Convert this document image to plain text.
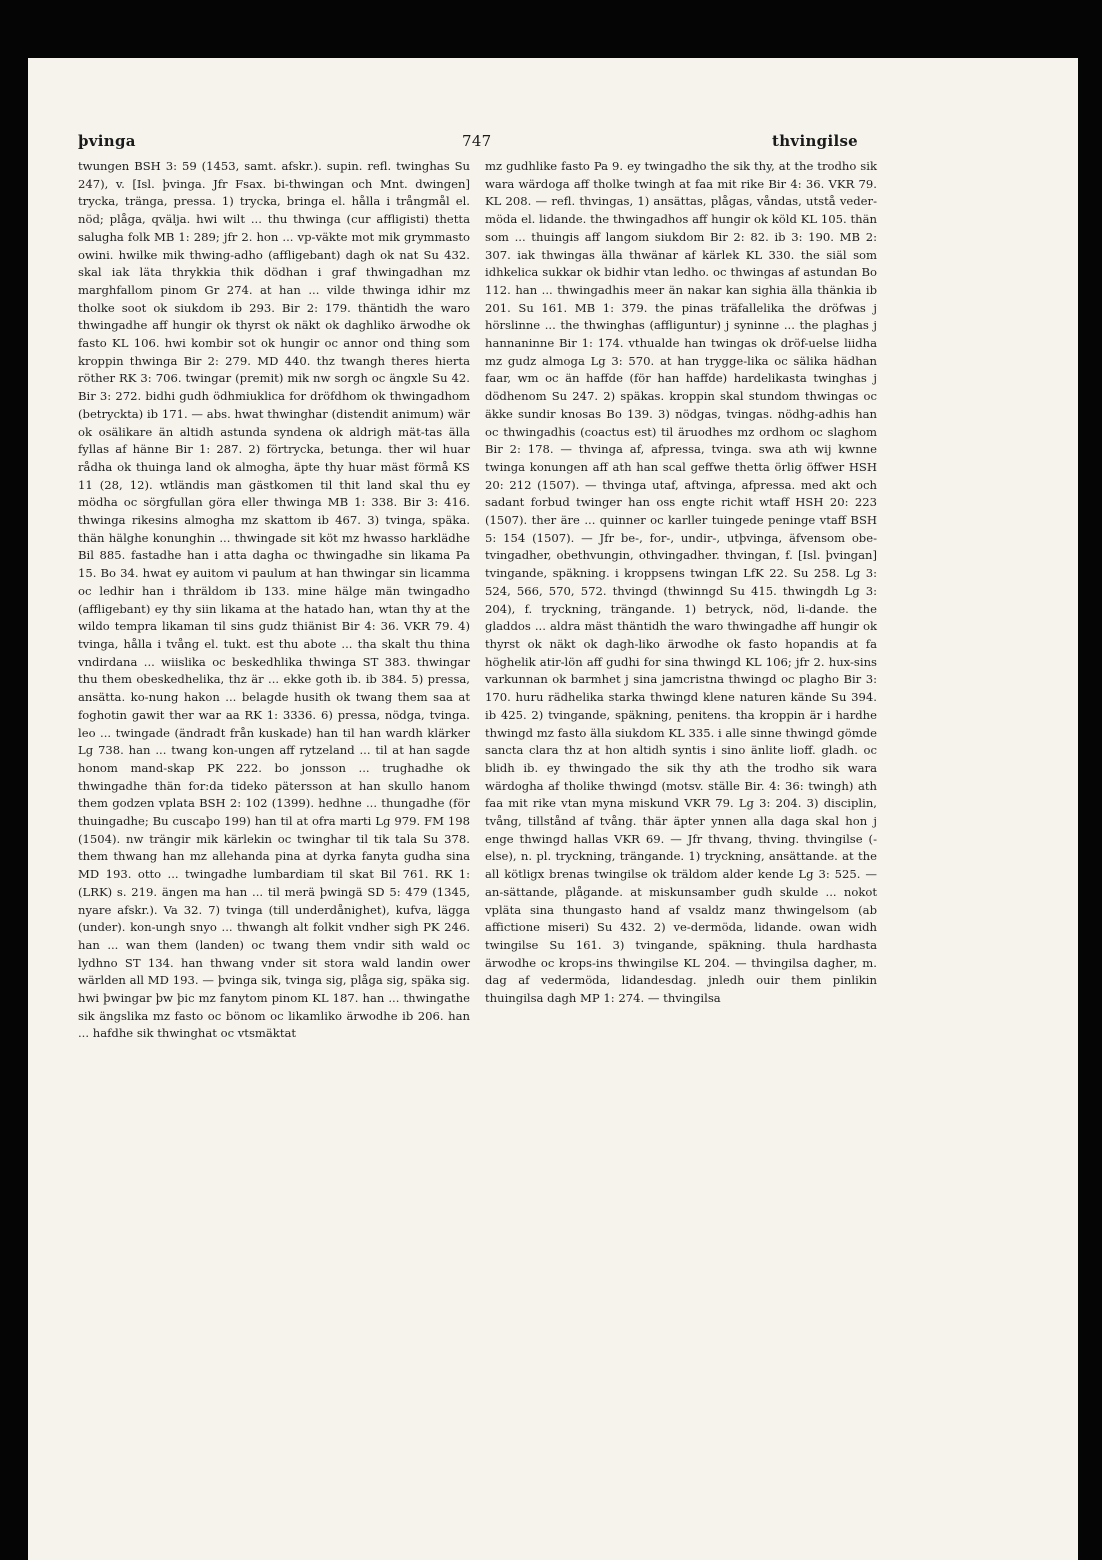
þvinga	747	thvingilse

twungen BSH 3: 59 (1453, samt. afskr.). supin. refl. twinghas Su 247), v. [Isl. þvinga. Jfr Fsax. bi-thwingan och Mnt. dwingen] trycka, tränga, pressa. 1) trycka, bringa el. hålla i trångmål el. nöd; plåga, qvälja. hwi wilt ... thu thwinga (cur affligisti) thetta salugha folk MB 1: 289; jfr 2. hon ... vp-väkte mot mik grymmasto owini. hwilke mik thwing-adho (affligebant) dagh ok nat Su 432. skal iak läta thrykkia thik dödhan i graf thwingadhan mz marghfallom pinom Gr 274. at han ... vilde thwinga idhir mz tholke soot ok siukdom ib 293. Bir 2: 179. thäntidh the waro thwingadhe aff hungir ok thyrst ok näkt ok daghliko ärwodhe ok fasto KL 106. hwi kombir sot ok hungir oc annor ond thing som kroppin thwinga Bir 2: 279. MD 440. thz twangh theres hierta röther RK 3: 706. twingar (premit) mik nw sorgh oc ängxle Su 42. Bir 3: 272. bidhi gudh ödhmiuklica for dröfdhom ok thwingadhom (betryckta) ib 171. — abs. hwat thwinghar (distendit animum) wär ok osälikare än altidh astunda syndena ok aldrigh mät-tas älla fyllas af hänne Bir 1: 287. 2) förtrycka, betunga. ther wil huar rådha ok thuinga land ok almogha, äpte thy huar mäst förmå KS 11 (28, 12). wtländis man gästkomen til thit land skal thu ey mödha oc sörgfullan göra eller thwinga MB 1: 338. Bir 3: 416. thwinga rikesins almogha mz skattom ib 467. 3) tvinga, späka. thän hälghe konunghin ... thwingade sit köt mz hwasso harklädhe Bil 885. fastadhe han i atta dagha oc thwingadhe sin likama Pa 15. Bo 34. hwat ey auitom vi paulum at han thwingar sin licamma oc ledhir han i thräldom ib 133. mine hälge män twingadho (affligebant) ey thy siin likama at the hatado han, wtan thy at the wildo tempra likaman til sins gudz thiänist Bir 4: 36. VKR 79. 4) tvinga, hålla i tvång el. tukt. est thu abote ... tha skalt thu thina vndirdana ... wiislika oc beskedhlika thwinga ST 383. thwingar thu them obeskedhelika, thz är ... ekke goth ib. ib 384. 5) pressa, ansätta. ko-nung hakon ... belagde husith ok twang them saa at foghotin gawit ther war aa RK 1: 3336. 6) pressa, nödga, tvinga. leo ... twingade (ändradt från kuskade) han til han wardh klärker Lg 738. han ... twang kon-ungen aff rytzeland ... til at han sagde honom mand-skap PK 222. bo jonsson ... trughadhe ok thwingadhe thän for:da tideko pätersson at han skullo hanom them godzen vplata BSH 2: 102 (1399). hedhne ... thungadhe (för thuingadhe; Bu cuscaþo 199) han til at ofra marti Lg 979. FM 198 (1504). nw trängir mik kärlekin oc twinghar til tik tala Su 378. them thwang han mz allehanda pina at dyrka fanyta gudha sina MD 193. otto ... twingadhe lumbardiam til skat Bil 761. RK 1: (LRK) s. 219. ängen ma han ... til merä þwingä SD 5: 479 (1345, nyare afskr.). Va 32. 7) tvinga (till underdånighet), kufva, lägga (under). kon-ungh snyo ... thwangh alt folkit vndher sigh PK 246. han ... wan them (landen) oc twang them vndir sith wald oc lydhno ST 134. han thwang vnder sit stora wald landin ower wärlden all MD 193. — þvinga sik, tvinga sig, plåga sig, späka sig. hwi þwingar þw þic mz fanytom pinom KL 187. han ... thwingathe sik ängslika mz fasto oc bönom oc likamliko ärwodhe ib 206. han ... hafdhe sik thwinghat oc vtsmäktat

mz gudhlike fasto Pa 9. ey twingadho the sik thy, at the trodho sik wara wärdoga aff tholke twingh at faa mit rike Bir 4: 36. VKR 79. KL 208. — refl. thvingas, 1) ansättas, plågas, våndas, utstå veder-möda el. lidande. the thwingadhos aff hungir ok köld KL 105. thän som ... thuingis aff langom siukdom Bir 2: 82. ib 3: 190. MB 2: 307. iak thwingas älla thwänar af kärlek KL 330. the siäl som idhkelica sukkar ok bidhir vtan ledho. oc thwingas af astundan Bo 112. han ... thwingadhis meer än nakar kan sighia älla thänkia ib 201. Su 161. MB 1: 379. the pinas träfallelika the dröfwas j hörslinne ... the thwinghas (affliguntur) j syninne ... the plaghas j hannaninne Bir 1: 174. vthualde han twingas ok dröf-uelse liidha mz gudz almoga Lg 3: 570. at han trygge-lika oc sälika hädhan faar, wm oc än haffde (för han haffde) hardelikasta twinghas j dödhenom Su 247. 2) späkas. kroppin skal stundom thwingas oc äkke sundir knosas Bo 139. 3) nödgas, tvingas. nödhg-adhis han oc thwingadhis (coactus est) til äruodhes mz ordhom oc slaghom Bir 2: 178. — thvinga af, afpressa, tvinga. swa ath wij kwnne twinga konungen aff ath han scal geffwe thetta örlig öffwer HSH 20: 212 (1507). — thvinga utaf, aftvinga, afpressa. med akt och sadant forbud twinger han oss engte richit wtaff HSH 20: 223 (1507). ther äre ... quinner oc karller tuingede peninge vtaff BSH 5: 154 (1507). — Jfr be-, for-, undir-, utþvinga, äfvensom obe-tvingadher, obethvungin, othvingadher. thvingan, f. [Isl. þvingan] tvingande, späkning. i kroppsens twingan LfK 22. Su 258. Lg 3: 524, 566, 570, 572. thvingd (thwinngd Su 415. thwingdh Lg 3: 204), f. tryckning, trängande. 1) betryck, nöd, li-dande. the gladdos ... aldra mäst thäntidh the waro thwingadhe aff hungir ok thyrst ok näkt ok dagh-liko ärwodhe ok fasto hopandis at fa höghelik atir-lön aff gudhi for sina thwingd KL 106; jfr 2. hux-sins varkunnan ok barmhet j sina jamcristna thwingd oc plagho Bir 3: 170. huru rädhelika starka thwingd klene naturen kände Su 394. ib 425. 2) tvingande, späkning, penitens. tha kroppin är i hardhe thwingd mz fasto älla siukdom KL 335. i alle sinne thwingd gömde sancta clara thz at hon altidh syntis i sino änlite lioff. gladh. oc blidh ib. ey thwingado the sik thy ath the trodho sik wara wärdogha af tholike thwingd (motsv. ställe Bir. 4: 36: twingh) ath faa mit rike vtan myna miskund VKR 79. Lg 3: 204. 3) disciplin, tvång, tillstånd af tvång. thär äpter ynnen alla daga skal hon j enge thwingd hallas VKR 69. — Jfr thvang, thving. thvingilse (-else), n. pl. tryckning, trängande. 1) tryckning, ansättande. at the all kötligx brenas twingilse ok träldom alder kende Lg 3: 525. — an-sättande, plågande. at miskunsamber gudh skulde ... nokot vpläta sina thungasto hand af vsaldz manz thwingelsom (ab affictione miseri) Su 432. 2) ve-dermöda, lidande. owan widh twingilse Su 161. 3) tvingande, späkning. thula hardhasta ärwodhe oc krops-ins thwingilse KL 204. — thvingilsa dagher, m. dag af vedermöda, lidandesdag. jnledh ouir them pinlikin thuingilsa dagh MP 1: 274. — thvingilsa
